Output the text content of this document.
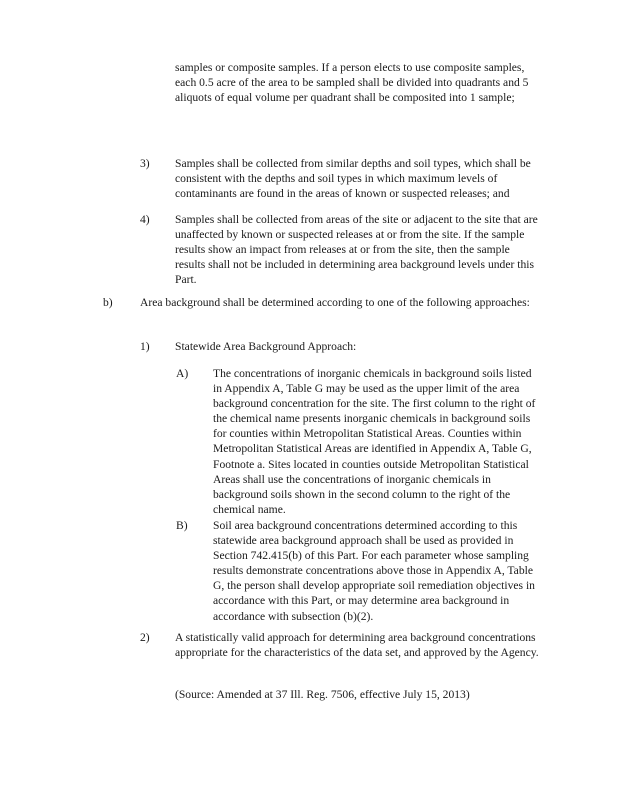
samples or composite samples. If a person elects to use composite samples, each 0.5 acre of the area to be sampled shall be divided into quadrants and 5 aliquots of equal volume per quadrant shall be composited into 1 sample;

3) Samples shall be collected from similar depths and soil types, which shall be consistent with the depths and soil types in which maximum levels of contaminants are found in the areas of known or suspected releases; and

4) Samples shall be collected from areas of the site or adjacent to the site that are unaffected by known or suspected releases at or from the site. If the sample results show an impact from releases at or from the site, then the sample results shall not be included in determining area background levels under this Part.

b) Area background shall be determined according to one of the following approaches:

1) Statewide Area Background Approach:

A) The concentrations of inorganic chemicals in background soils listed in Appendix A, Table G may be used as the upper limit of the area background concentration for the site. The first column to the right of the chemical name presents inorganic chemicals in background soils for counties within Metropolitan Statistical Areas. Counties within Metropolitan Statistical Areas are identified in Appendix A, Table G, Footnote a. Sites located in counties outside Metropolitan Statistical Areas shall use the concentrations of inorganic chemicals in background soils shown in the second column to the right of the chemical name.

B) Soil area background concentrations determined according to this statewide area background approach shall be used as provided in Section 742.415(b) of this Part. For each parameter whose sampling results demonstrate concentrations above those in Appendix A, Table G, the person shall develop appropriate soil remediation objectives in accordance with this Part, or may determine area background in accordance with subsection (b)(2).

2) A statistically valid approach for determining area background concentrations appropriate for the characteristics of the data set, and approved by the Agency.

(Source: Amended at 37 Ill. Reg. 7506, effective July 15, 2013)
